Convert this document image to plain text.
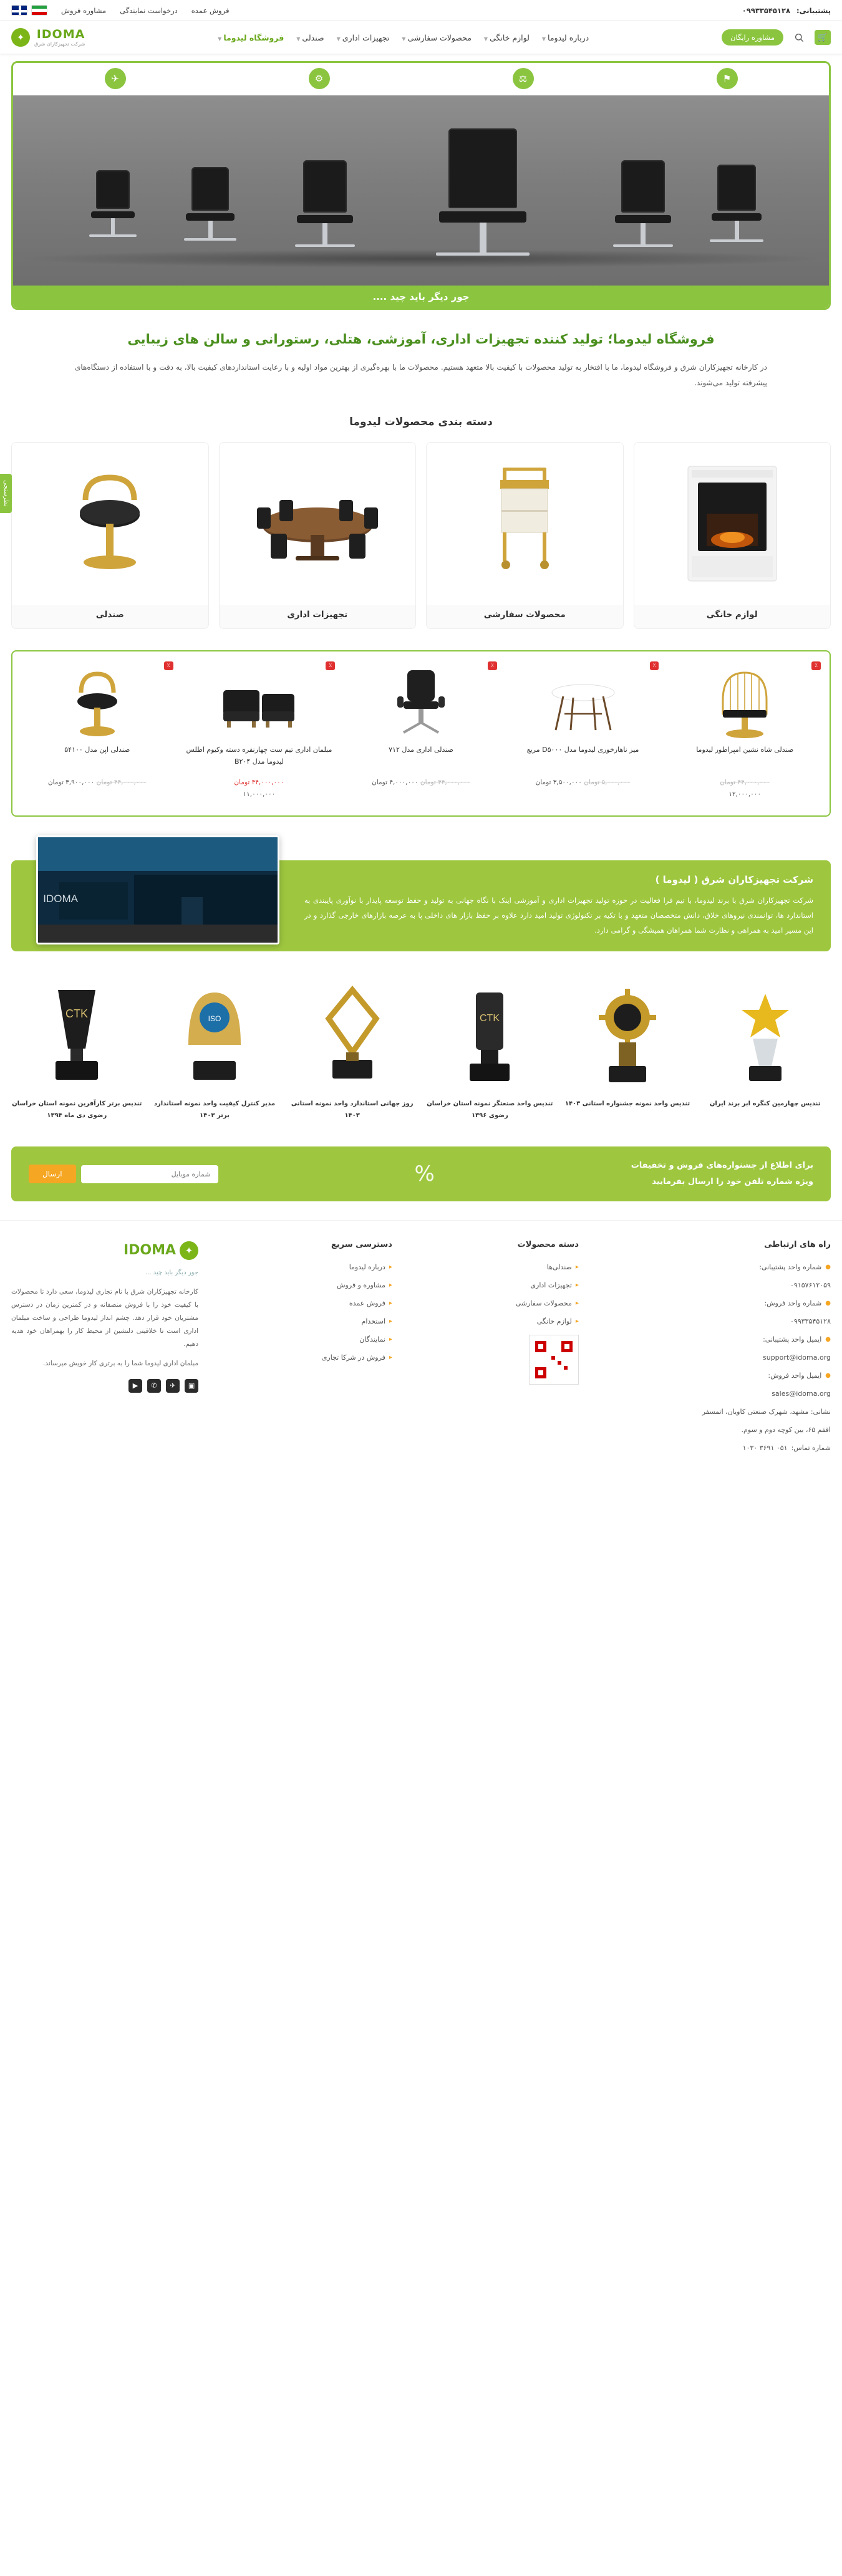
پشتیبانی:
۰۹۹۳۳۵۴۵۱۲۸
فروش عمده
درخواست نمایندگی
مشاوره فروش
🛒
مشاوره رایگان
درباره لیدوما▼
لوازم خانگی▼
محصولات سفارشی▼
تجهیزات اداری▼
صندلی▼
فروشگاه لیدوما▼
IDOMA
شرکت تجهیزکاران شرق
✦
⚑
⚖
⚙
✈
جور دیگر باید چید ....
فروشگاه لیدوما؛ تولید کننده تجهیزات اداری، آموزشی، هتلی، رستورانی و سالن های زیبایی

در کارخانه تجهیزکاران شرق و فروشگاه لیدوما، ما با افتخار به تولید محصولات با کیفیت بالا متعهد هستیم. محصولات ما با بهره‌گیری از بهترین مواد اولیه و با رعایت استانداردهای کیفیت بالا، به دقت و با استفاده از دستگاه‌های پیشرفته تولید می‌شوند.

دسته بندی محصولات لیدوما
لوازم خانگی
محصولات سفارشی
تجهیزات اداری
صندلی
٪
صندلی شاه نشین امپراطور لیدوما
۴۴,۰۰۰,۰۰۰ تومان
۱۲,۰۰۰,۰۰۰
٪
میز ناهارخوری لیدوما مدل D۵۰۰۰ مربع
۵,۰۰۰,۰۰۰ تومان ۳,۵۰۰,۰۰۰ تومان
٪
صندلی اداری مدل ۷۱۲
۴۴,۰۰۰,۰۰۰ تومان ۴,۰۰۰,۰۰۰ تومان
٪
مبلمان اداری تیم ست چهارنفره دسته وکیوم اطلس لیدوما مدل B۲۰۴
۴۴,۰۰۰,۰۰۰ تومان
۱۱,۰۰۰,۰۰۰
٪
صندلی اپن مدل ۵۴۱۰۰
۴۴,۰۰۰,۰۰۰ تومان ۳,۹۰۰,۰۰۰ تومان
IDOMA
شرکت تجهیزکاران شرق ( لیدوما )

شرکت تجهیزکاران شرق با برند لیدوما، با تیم فرا فعالیت در حوزه تولید تجهیزات اداری و آموزشی اینک با نگاه جهانی به تولید و حفظ توسعه پایدار با نوآوری پایبندی به استاندارد ها، توانمندی نیروهای خلاق، دانش متخصصان متعهد و با تکیه بر تکنولوژی تولید امید دارد علاوه بر حفظ بازار های داخلی پا به عرصه بازارهای خارجی گذارد و در این مسیر امید به همراهی و نظارت شما همراهان همیشگی و گرامی دارد.

تندیس چهارمین کنگره ابر برند ایران
تندیس واحد نمونه جشنواره استانی ۱۴۰۳
CTK
تندیس واحد صنعتگر نمونه استان خراسان رضوی ۱۳۹۶
روز جهانی استاندارد واحد نمونه استانی ۱۴۰۳
ISO
مدیر کنترل کیفیت واحد نمونه استاندارد برتر ۱۴۰۳
CTK
تندیس برتر کارآفرین نمونه استان خراسان رضوی دی ماه ۱۳۹۴
برای اطلاع از جشنواره‌های فروش و تخفیفات
ویژه شماره تلفن خود را ارسال بفرمایید
%
شماره موبایل
ارسال
راه های ارتباطی
●
شماره واحد پشتیبانی:
۰۹۱۵۷۶۱۲۰۵۹
●
شماره واحد فروش:
۰۹۹۳۳۵۴۵۱۲۸
●
ایمیل واحد پشتیبانی:
support@idoma.org
●
ایمیل واحد فروش:
sales@idoma.org
نشانی: مشهد، شهرک صنعتی کاویان، اتمسفر
اقفم ۶۵، بین کوچه دوم و سوم.
شماره تماس:
۰۵۱ ۳۶۹۱ ۱۰۳۰
دسته محصولات
▸
صندلی‌ها
▸
تجهیزات اداری
▸
محصولات سفارشی
▸
لوازم خانگی
دسترسی سریع
▸
درباره لیدوما
▸
مشاوره و فروش
▸
فروش عمده
▸
استخدام
▸
نمایندگان
▸
فروش در شرکا تجاری
✦
IDOMA
جور دیگر باید چید ...

کارخانه تجهیزکاران شرق با نام تجاری لیدوما، سعی دارد تا محصولات با کیفیت خود را با فروش منصفانه و در کمترین زمان در دسترس مشتریان خود قرار دهد. چشم انداز لیدوما طراحی و ساخت مبلمان اداری است تا خلاقیتی دلنشین از محیط کار را بهمراهان خود هدیه دهیم.

مبلمان اداری لیدوما شما را به برتری کار خویش میرساند.

▣
✈
✆
▶
نظرسنجی
